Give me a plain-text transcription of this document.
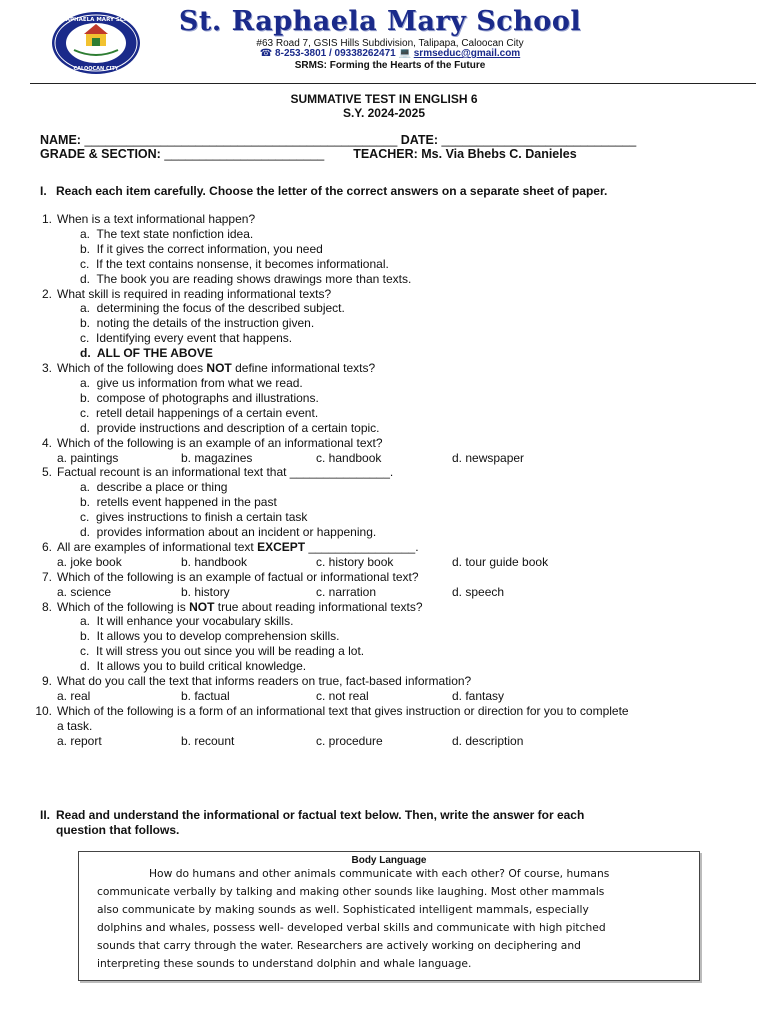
ST. RAPHAELA MARY SCHOOL
CALOOCAN CITY
St. Raphaela Mary School
#63 Road 7, GSIS Hills Subdivision, Talipapa, Caloocan City
☎ 8-253-3801 / 09338262471 💻 srmseduc@gmail.com
SRMS: Forming the Hearts of the Future
SUMMATIVE TEST IN ENGLISH 6
S.Y. 2024-2025
NAME: _____________________________________________ DATE: ____________________________
GRADE & SECTION: _______________________ TEACHER: Ms. Via Bhebs C. Danieles
I. Reach each item carefully. Choose the letter of the correct answers on a separate sheet of paper.
1. When is a text informational happen?
a.  The text state nonfiction idea.
b.  If it gives the correct information, you need
c.  If the text contains nonsense, it becomes informational.
d.  The book you are reading shows drawings more than texts.
2. What skill is required in reading informational texts?
a.  determining the focus of the described subject.
b.  noting the details of the instruction given.
c.  Identifying every event that happens.
d.  ALL OF THE ABOVE
3. Which of the following does NOT define informational texts?
a.  give us information from what we read.
b.  compose of photographs and illustrations.
c.  retell detail happenings of a certain event.
d.  provide instructions and description of a certain topic.
4. Which of the following is an example of an informational text?
a. paintings	b. magazines	c. handbook	d. newspaper
5. Factual recount is an informational text that _______________.
a.  describe a place or thing
b.  retells event happened in the past
c.  gives instructions to finish a certain task
d.  provides information about an incident or happening.
6. All are examples of informational text EXCEPT ________________.
a. joke book	b. handbook	c. history book	d. tour guide book
7. Which of the following is an example of factual or informational text?
a. science	b. history	c. narration	d. speech
8. Which of the following is NOT true about reading informational texts?
a.  It will enhance your vocabulary skills.
b.  It allows you to develop comprehension skills.
c.  It will stress you out since you will be reading a lot.
d.  It allows you to build critical knowledge.
9. What do you call the text that informs readers on true, fact-based information?
a. real	b. factual	c. not real	d. fantasy
10. Which of the following is a form of an informational text that gives instruction or direction for you to complete
a task.
a. report	b. recount	c. procedure	d. description
II. Read and understand the informational or factual text below. Then, write the answer for each
question that follows.
Body Language
How do humans and other animals communicate with each other? Of course, humans
communicate verbally by talking and making other sounds like laughing. Most other mammals
also communicate by making sounds as well. Sophisticated intelligent mammals, especially
dolphins and whales, possess well- developed verbal skills and communicate with high pitched
sounds that carry through the water. Researchers are actively working on deciphering and
interpreting these sounds to understand dolphin and whale language.
